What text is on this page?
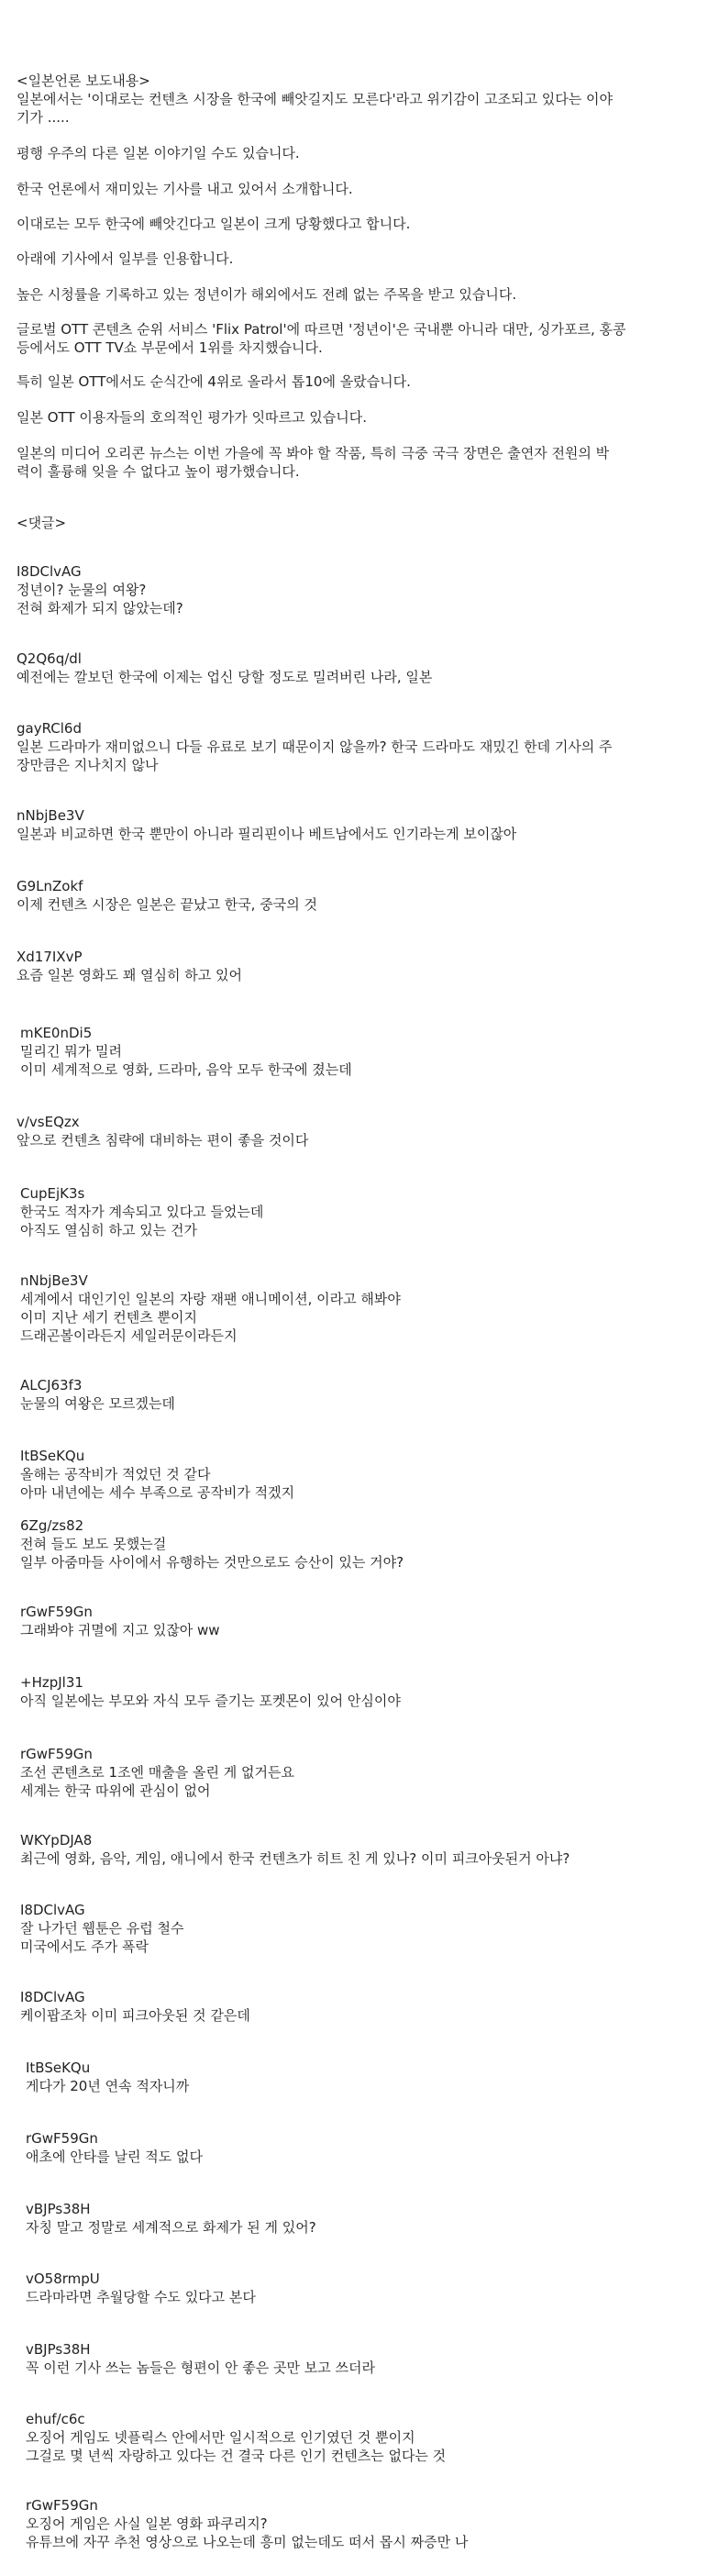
<일본언론 보도내용>
일본에서는 '이대로는 컨텐츠 시장을 한국에 빼앗길지도 모른다'라고 위기감이 고조되고 있다는 이야
기가 .....
평행 우주의 다른 일본 이야기일 수도 있습니다.
한국 언론에서 재미있는 기사를 내고 있어서 소개합니다.
이대로는 모두 한국에 빼앗긴다고 일본이 크게 당황했다고 합니다.
아래에 기사에서 일부를 인용합니다.
높은 시청률을 기록하고 있는 정년이가 해외에서도 전례 없는 주목을 받고 있습니다.
글로벌 OTT 콘텐츠 순위 서비스 'Flix Patrol'에 따르면 '정년이'은 국내뿐 아니라 대만, 싱가포르, 홍콩
등에서도 OTT TV쇼 부문에서 1위를 차지했습니다.
특히 일본 OTT에서도 순식간에 4위로 올라서 톱10에 올랐습니다.
일본 OTT 이용자들의 호의적인 평가가 잇따르고 있습니다.
일본의 미디어 오리콘 뉴스는 이번 가을에 꼭 봐야 할 작품, 특히 극중 국극 장면은 출연자 전원의 박
력이 훌륭해 잊을 수 없다고 높이 평가했습니다.
<댓글>
I8DClvAG
정년이? 눈물의 여왕?
전혀 화제가 되지 않았는데?
Q2Q6q/dl
예전에는 깔보던 한국에 이제는 업신 당할 정도로 밀려버린 나라, 일본
gayRCl6d
일본 드라마가 재미없으니 다들 유료로 보기 때문이지 않을까? 한국 드라마도 재밌긴 한데 기사의 주
장만큼은 지나치지 않나
nNbjBe3V
일본과 비교하면 한국 뿐만이 아니라 필리핀이나 베트남에서도 인기라는게 보이잖아
G9LnZokf
이제 컨텐츠 시장은 일본은 끝났고 한국, 중국의 것
Xd17IXvP
요즘 일본 영화도 꽤 열심히 하고 있어
mKE0nDi5
밀리긴 뭐가 밀려
이미 세계적으로 영화, 드라마, 음악 모두 한국에 졌는데
v/vsEQzx
앞으로 컨텐츠 침략에 대비하는 편이 좋을 것이다
CupEjK3s
한국도 적자가 계속되고 있다고 들었는데
아직도 열심히 하고 있는 건가
nNbjBe3V
세계에서 대인기인 일본의 자랑 재팬 애니메이션, 이라고 해봐야
이미 지난 세기 컨텐츠 뿐이지
드래곤볼이라든지 세일러문이라든지
ALCJ63f3
눈물의 여왕은 모르겠는데
ItBSeKQu
올해는 공작비가 적었던 것 같다
아마 내년에는 세수 부족으로 공작비가 적겠지
6Zg/zs82
전혀 들도 보도 못했는걸
일부 아줌마들 사이에서 유행하는 것만으로도 승산이 있는 거야?
rGwF59Gn
그래봐야 귀멸에 지고 있잖아 ww
+HzpJl31
아직 일본에는 부모와 자식 모두 즐기는 포켓몬이 있어 안심이야
rGwF59Gn
조선 콘텐츠로 1조엔 매출을 올린 게 없거든요
세계는 한국 따위에 관심이 없어
WKYpDJA8
최근에 영화, 음악, 게임, 애니에서 한국 컨텐츠가 히트 친 게 있나? 이미 피크아웃된거 아냐?
I8DClvAG
잘 나가던 웹툰은 유럽 철수
미국에서도 주가 폭락
I8DClvAG
케이팝조차 이미 피크아웃된 것 같은데
ItBSeKQu
게다가 20년 연속 적자니까
rGwF59Gn
애초에 안타를 날린 적도 없다
vBJPs38H
자칭 말고 정말로 세계적으로 화제가 된 게 있어?
vO58rmpU
드라마라면 추월당할 수도 있다고 본다
vBJPs38H
꼭 이런 기사 쓰는 놈들은 형편이 안 좋은 곳만 보고 쓰더라
ehuf/c6c
오징어 게임도 넷플릭스 안에서만 일시적으로 인기였던 것 뿐이지
그걸로 몇 년씩 자랑하고 있다는 건 결국 다른 인기 컨텐츠는 없다는 것
rGwF59Gn
오징어 게임은 사실 일본 영화 파쿠리지?
유튜브에 자꾸 추천 영상으로 나오는데 흥미 없는데도 떠서 몹시 짜증만 나
